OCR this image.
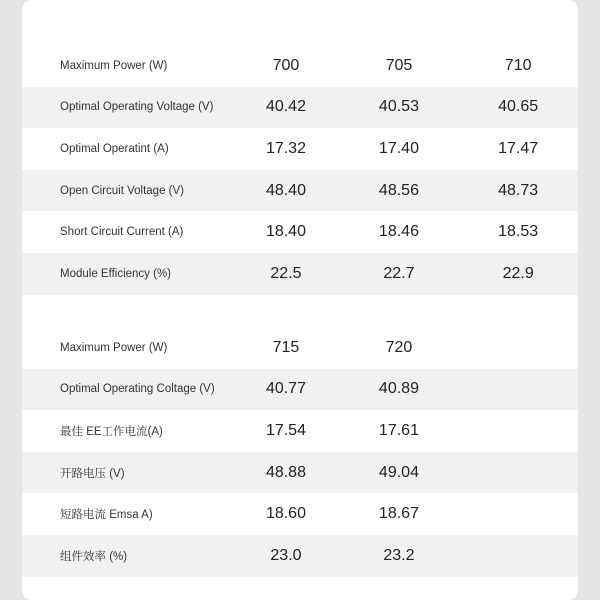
Maximum Power (W)	700	705	710
Optimal Operating Voltage (V)	40.42	40.53	40.65
Optimal Operatint (A)	17.32	17.40	17.47
Open Circuit Voltage (V)	48.40	48.56	48.73
Short Circuit Current (A)	18.40	18.46	18.53
Module Efficiency (%)	22.5	22.7	22.9
Maximum Power (W)	715	720
Optimal Operating Coltage (V)	40.77	40.89
最佳 EE工作电流(A)	17.54	17.61
开路电压 (V)	48.88	49.04
短路电流 Emsa A)	18.60	18.67
组件效率 (%)	23.0	23.2
